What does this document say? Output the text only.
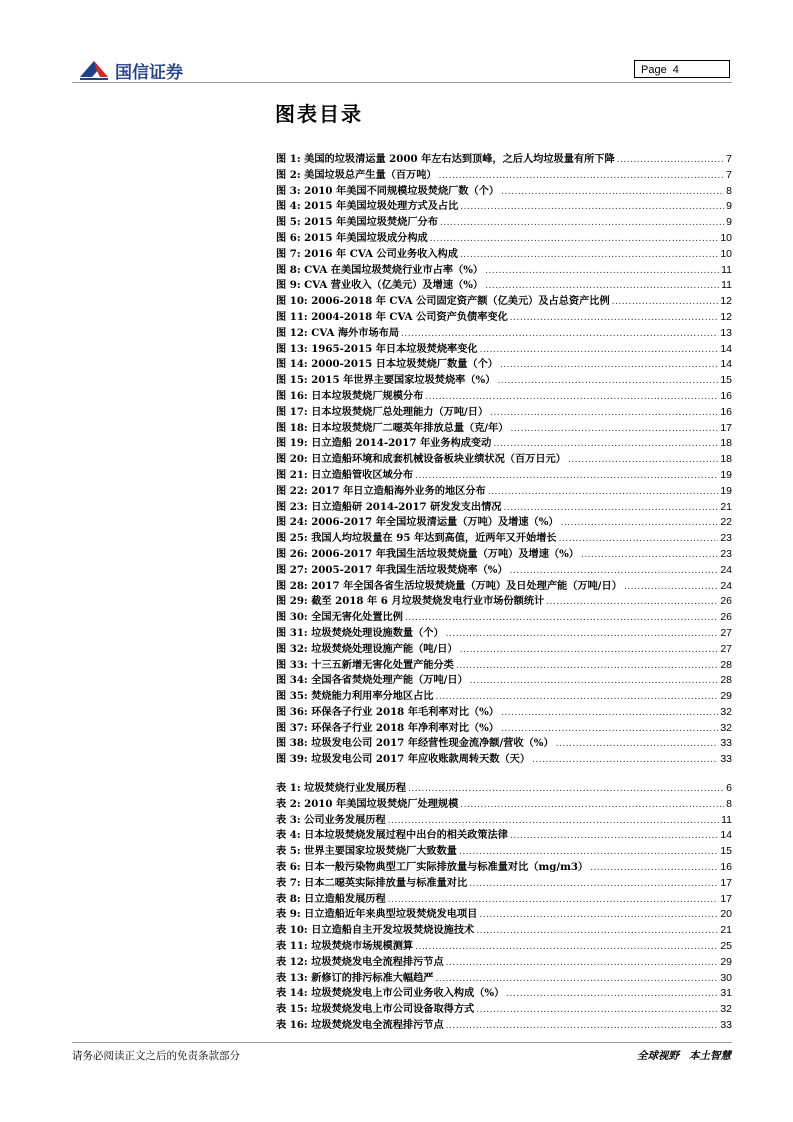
国信证券	Page 4
图表目录
图 1: 美国的垃圾清运量 2000 年左右达到顶峰，之后人均垃圾量有所下降 .....	7
图 2: 美国垃圾总产生量（百万吨） .....	7
图 3: 2010 年美国不同规模垃圾焚烧厂数（个） .....	8
图 4: 2015 年美国垃圾处理方式及占比 .....	9
图 5: 2015 年美国垃圾焚烧厂分布 .....	9
图 6: 2015 年美国垃圾成分构成 .....	10
图 7: 2016 年 CVA 公司业务收入构成 .....	10
图 8: CVA 在美国垃圾焚烧行业市占率（%） .....	11
图 9: CVA 营业收入（亿美元）及增速（%） .....	11
图 10: 2006-2018 年 CVA 公司固定资产额（亿美元）及占总资产比例 .....	12
图 11: 2004-2018 年 CVA 公司资产负债率变化 .....	12
图 12: CVA 海外市场布局 .....	13
图 13: 1965-2015 年日本垃圾焚烧率变化 .....	14
图 14: 2000-2015 日本垃圾焚烧厂数量（个） .....	14
图 15: 2015 年世界主要国家垃圾焚烧率（%） .....	15
图 16: 日本垃圾焚烧厂规模分布 .....	16
图 17: 日本垃圾焚烧厂总处理能力（万吨/日） .....	16
图 18: 日本垃圾焚烧厂二噁英年排放总量（克/年） .....	17
图 19: 日立造船 2014-2017 年业务构成变动 .....	18
图 20: 日立造船环境和成套机械设备板块业绩状况（百万日元） .....	18
图 21: 日立造船管收区域分布 .....	19
图 22: 2017 年日立造船海外业务的地区分布 .....	19
图 23: 日立造船研 2014-2017 研发发支出情况 .....	21
图 24: 2006-2017 年全国垃圾清运量（万吨）及增速（%） .....	22
图 25: 我国人均垃圾量在 95 年达到高值，近两年又开始增长 .....	23
图 26: 2006-2017 年我国生活垃圾焚烧量（万吨）及增速（%） .....	23
图 27: 2005-2017 年我国生活垃圾焚烧率（%） .....	24
图 28: 2017 年全国各省生活垃圾焚烧量（万吨）及日处理产能（万吨/日） .....	24
图 29: 截至 2018 年 6 月垃圾焚烧发电行业市场份额统计 .....	26
图 30: 全国无害化处置比例 .....	26
图 31: 垃圾焚烧处理设施数量（个） .....	27
图 32: 垃圾焚烧处理设施产能（吨/日） .....	27
图 33: 十三五新增无害化处置产能分类 .....	28
图 34: 全国各省焚烧处理产能（万吨/日） .....	28
图 35: 焚烧能力利用率分地区占比 .....	29
图 36: 环保各子行业 2018 年毛利率对比（%） .....	32
图 37: 环保各子行业 2018 年净利率对比（%） .....	32
图 38: 垃圾发电公司 2017 年经营性现金流净额/营收（%） .....	33
图 39: 垃圾发电公司 2017 年应收账款周转天数（天） .....	33
表 1: 垃圾焚烧行业发展历程 .....	6
表 2: 2010 年美国垃圾焚烧厂处理规模 .....	8
表 3: 公司业务发展历程 .....	11
表 4: 日本垃圾焚烧发展过程中出台的相关政策法律 .....	14
表 5: 世界主要国家垃圾焚烧厂大致数量 .....	15
表 6: 日本一般污染物典型工厂实际排放量与标准量对比（mg/m3） .....	16
表 7: 日本二噁英实际排放量与标准量对比 .....	17
表 8: 日立造船发展历程 .....	17
表 9: 日立造船近年来典型垃圾焚烧发电项目 .....	20
表 10: 日立造船自主开发垃圾焚烧设施技术 .....	21
表 11: 垃圾焚烧市场规模测算 .....	25
表 12: 垃圾焚烧发电全流程排污节点 .....	29
表 13: 新修订的排污标准大幅趋严 .....	30
表 14: 垃圾焚烧发电上市公司业务收入构成（%） .....	31
表 15: 垃圾焚烧发电上市公司设备取得方式 .....	32
表 16: 垃圾焚烧发电全流程排污节点 .....	33
请务必阅读正文之后的免责条款部分	全球视野 本土智慧
